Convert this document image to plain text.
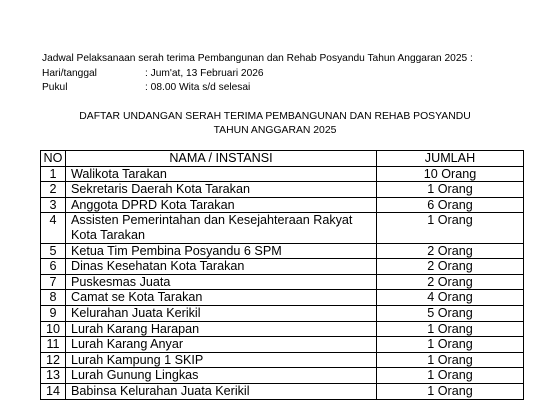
Jadwal Pelaksanaan serah terima Pembangunan dan Rehab Posyandu Tahun Anggaran 2025 :
Hari/tanggal	: Jum'at, 13 Februari 2026
Pukul	: 08.00 Wita s/d selesai
DAFTAR UNDANGAN SERAH TERIMA PEMBANGUNAN DAN REHAB POSYANDU
TAHUN ANGGARAN 2025
NO	NAMA / INSTANSI	JUMLAH
1	Walikota Tarakan	10 Orang
2	Sekretaris Daerah Kota Tarakan	1 Orang
3	Anggota DPRD Kota Tarakan	6 Orang
4	Assisten Pemerintahan dan Kesejahteraan Rakyat Kota Tarakan	1 Orang
5	Ketua Tim Pembina Posyandu 6 SPM	2 Orang
6	Dinas Kesehatan Kota Tarakan	2 Orang
7	Puskesmas Juata	2 Orang
8	Camat se Kota Tarakan	4 Orang
9	Kelurahan Juata Kerikil	5 Orang
10	Lurah Karang Harapan	1 Orang
11	Lurah Karang Anyar	1 Orang
12	Lurah Kampung 1 SKIP	1 Orang
13	Lurah Gunung Lingkas	1 Orang
14	Babinsa Kelurahan Juata Kerikil	1 Orang
